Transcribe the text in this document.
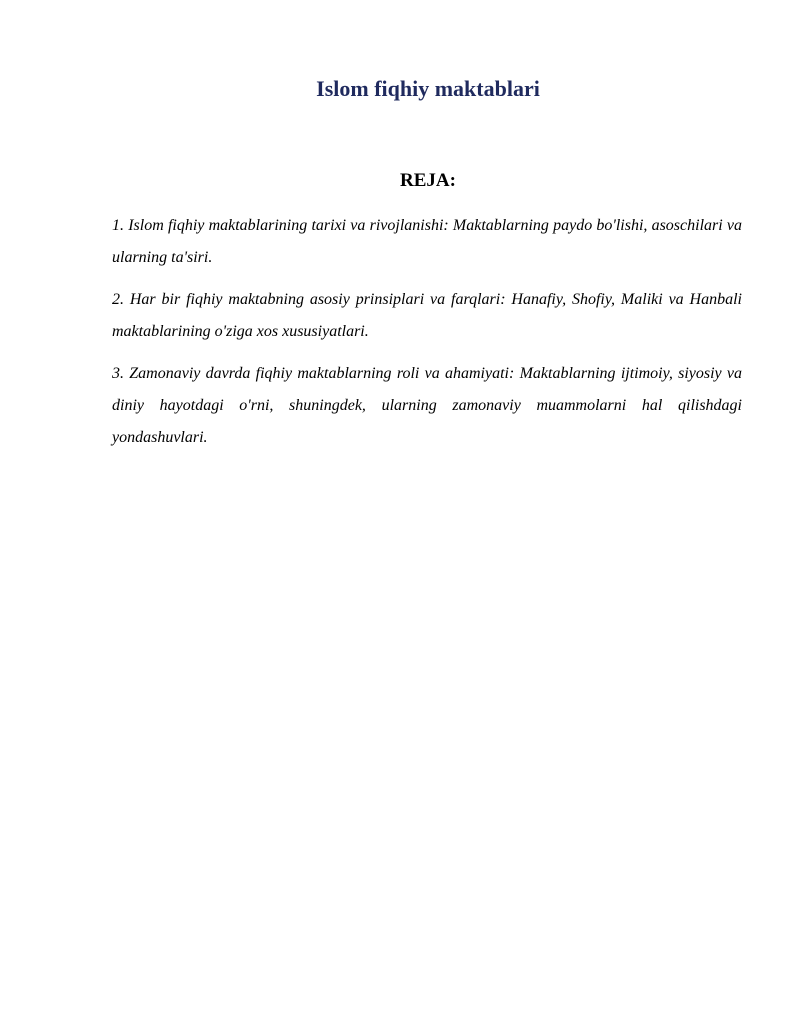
Islom fiqhiy maktablari
REJA:
1. Islom fiqhiy maktablarining tarixi va rivojlanishi: Maktablarning paydo bo'lishi, asoschilari va ularning ta'siri.
2. Har bir fiqhiy maktabning asosiy prinsiplari va farqlari: Hanafiy, Shofiy, Maliki va Hanbali maktablarining o'ziga xos xususiyatlari.
3. Zamonaviy davrda fiqhiy maktablarning roli va ahamiyati: Maktablarning ijtimoiy, siyosiy va diniy hayotdagi o'rni, shuningdek, ularning zamonaviy muammolarni hal qilishdagi yondashuvlari.
